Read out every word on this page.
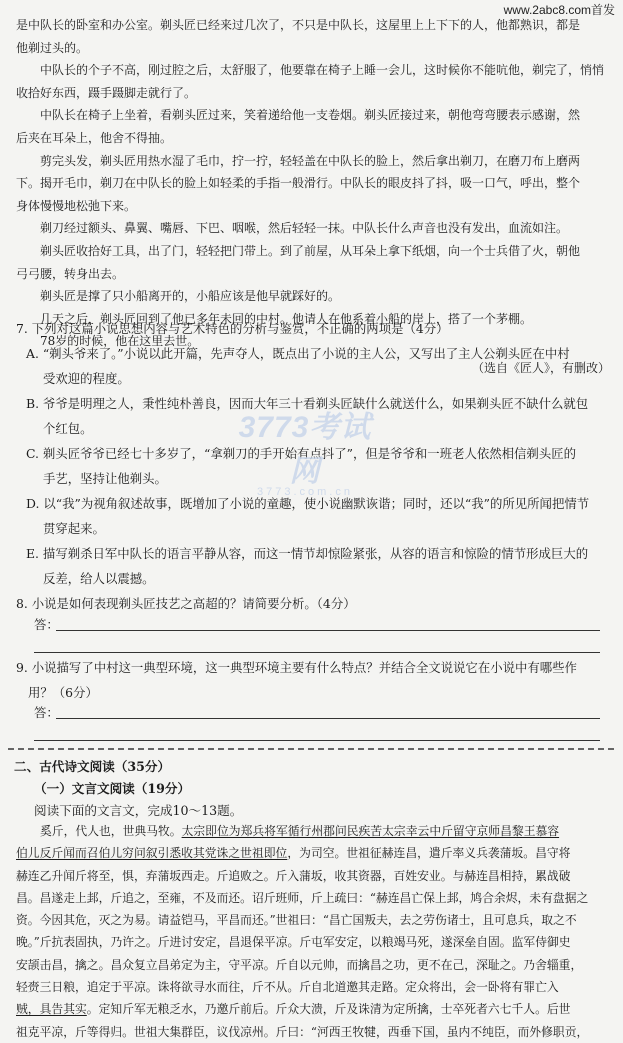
www.2abc8.com首发
是中队长的卧室和办公室。剃头匠已经来过几次了，不只是中队长，这屋里上上下下的人，他都熟识，都是
他剃过头的。
中队长的个子不高，刚过腔之后，太舒服了，他要靠在椅子上睡一会儿，这时候你不能吭他，剃完了，悄悄
收拾好东西，蹑手蹑脚走就行了。
中队长在椅子上坐着，看剃头匠过来，笑着递给他一支卷烟。剃头匠接过来，朝他弯弯腰表示感谢，然
后夹在耳朵上，他舍不得抽。
剪完头发，剃头匠用热水湿了毛巾，拧一拧，轻轻盖在中队长的脸上，然后拿出剃刀，在磨刀布上磨两
下。揭开毛巾，剃刀在中队长的脸上如轻柔的手指一般滑行。中队长的眼皮抖了抖，吸一口气，呼出，整个
身体慢慢地松弛下来。
剃刀经过额头、鼻翼、嘴唇、下巴、咽喉，然后轻轻一抹。中队长什么声音也没有发出，血流如注。
剃头匠收拾好工具，出了门，轻轻把门带上。到了前屋，从耳朵上拿下纸烟，向一个士兵借了火，朝他
弓弓腰，转身出去。
剃头匠是撑了只小船离开的，小船应该是他早就踩好的。
几天之后，剃头匠回到了他已多年未回的中村。他请人在他系着小船的岸上，搭了一个茅棚。
78岁的时候，他在这里去世。
（选自《匠人》，有删改）
7. 下列对这篇小说思想内容与艺术特色的分析与鉴赏，不正确的两项是（4分）
A. “剃头爷来了。”小说以此开篇，先声夺人，既点出了小说的主人公，又写出了主人公剃头匠在中村
受欢迎的程度。
B. 爷爷是明理之人，秉性纯朴善良，因而大年三十看剃头匠缺什么就送什么，如果剃头匠不缺什么就包
个红包。
C. 剃头匠爷爷已经七十多岁了，“拿剃刀的手开始有点抖了”，但是爷爷和一班老人依然相信剃头匠的
手艺，坚持让他剃头。
D. 以“我”为视角叙述故事，既增加了小说的童趣，使小说幽默诙谐；同时，还以“我”的所见所闻把情节
贯穿起来。
E. 描写剃杀日军中队长的语言平静从容，而这一情节却惊险紧张，从容的语言和惊险的情节形成巨大的
反差，给人以震撼。
3773考试网
3773.com.cn
8. 小说是如何表现剃头匠技艺之高超的？请简要分析。（4分）
答：
9. 小说描写了中村这一典型环境，这一典型环境主要有什么特点？并结合全文说说它在小说中有哪些作
用？（6分）
答：
二、古代诗文阅读（35分）
（一）文言文阅读（19分）
阅读下面的文言文，完成10～13题。
奚斤，代人也，世典马牧。太宗即位为郑兵将军循行州郡问民疾苦太宗幸云中斤留守京师昌黎王慕容
伯儿反斤闻而召伯儿穷问叙引悉收其党诛之世祖即位，为司空。世祖征赫连昌，遣斤率义兵袭蒲坂。昌守将
赫连乙升闻斤将至，惧，弃蒲坂西走。斤追败之。斤入蒲坂，收其资器，百姓安业。与赫连昌相持，累战破
昌。昌遂走上邽，斤追之，至雍，不及而还。诏斤班师，斤上疏曰：“赫连昌亡保上邽，鸠合余烬，未有盘据之
资。今因其危，灭之为易。请益铠马，平昌而还。”世祖曰：“昌亡国叛夫，去之劳伤诸士，且可息兵，取之不
晚。”斤抗表固执，乃许之。斤进讨安定，昌退保平凉。斤屯军安定，以粮竭马死，遂深垒自固。监军侍御史
安颉击昌，擒之。昌众复立昌弟定为主，守平凉。斤自以元帅，而擒昌之功，更不在己，深耻之。乃舍辎重，
轻赍三日粮，追定于平凉。诛将欲寻水而往，斤不从。斤自北道邀其走路。定众将出，会一卧将有罪亡入
贼，具告其实。定知斤军无粮乏水，乃邀斤前后。斤众大溃，斤及诛清为定所擒，士卒死者六七千人。后世
祖克平凉，斤等得归。世祖大集群臣，议伐凉州。斤曰：“河西王牧犍，西垂下国，虽内不纯臣，而外修职贡，
